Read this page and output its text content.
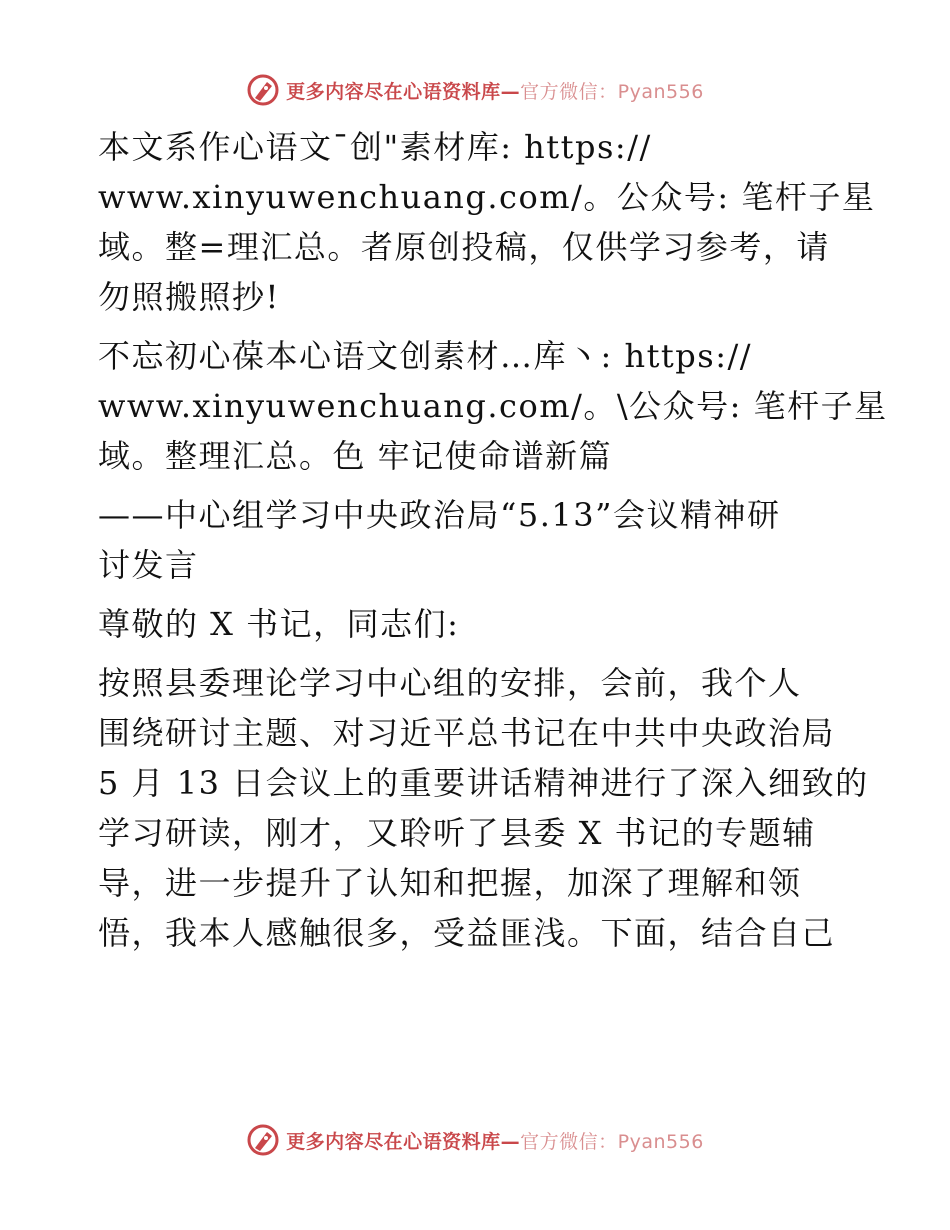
更多内容尽在心语资料库—官方微信：Pyan556

本文系作心语文¯创"素材库: https://
www.xinyuwenchuang.com/。公众号: 笔杆子星
域。整=理汇总。者原创投稿，仅供学习参考，请
勿照搬照抄!

不忘初心葆本心语文创素材…库丶: https://
www.xinyuwenchuang.com/。\公众号: 笔杆子星
域。整理汇总。色 牢记使命谱新篇

——中心组学习中央政治局“5.13”会议精神研
讨发言

尊敬的 X 书记，同志们:

按照县委理论学习中心组的安排，会前，我个人
围绕研讨主题、对习近平总书记在中共中央政治局
5 月 13 日会议上的重要讲话精神进行了深入细致的
学习研读，刚才，又聆听了县委 X 书记的专题辅
导，进一步提升了认知和把握，加深了理解和领
悟，我本人感触很多，受益匪浅。下面，结合自己

更多内容尽在心语资料库—官方微信：Pyan556
